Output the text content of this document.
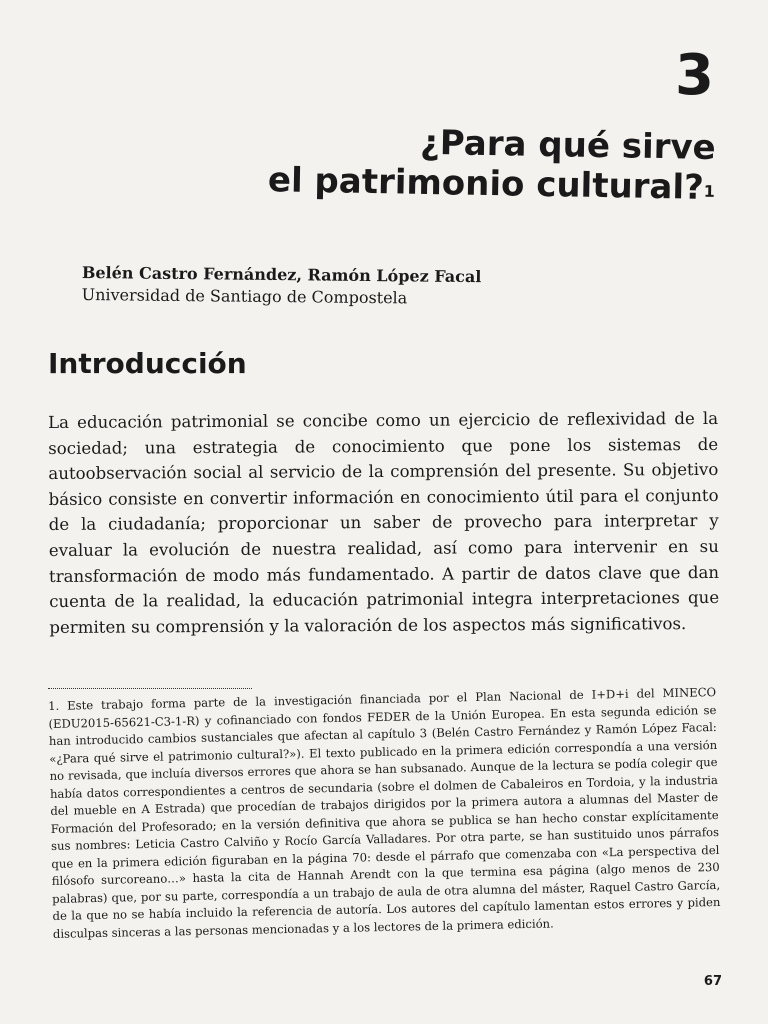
3
¿Para qué sirve
el patrimonio cultural?$^1$
Belén Castro Fernández, Ramón López Facal
Universidad de Santiago de Compostela
Introducción
La educación patrimonial se concibe como un ejercicio de reflexividad de la sociedad; una estrategia de conocimiento que pone los sistemas de autoobservación social al servicio de la comprensión del presente. Su objetivo básico consiste en convertir información en conocimiento útil para el conjunto de la ciudadanía; proporcionar un saber de provecho para interpretar y evaluar la evolución de nuestra realidad, así como para intervenir en su transformación de modo más fundamentado. A partir de datos clave que dan cuenta de la realidad, la educación patrimonial integra interpretaciones que permiten su comprensión y la valoración de los aspectos más significativos.
1. Este trabajo forma parte de la investigación financiada por el Plan Nacional de I+D+i del MINECO (EDU2015-65621-C3-1-R) y cofinanciado con fondos FEDER de la Unión Europea. En esta segunda edición se han introducido cambios sustanciales que afectan al capítulo 3 (Belén Castro Fernández y Ramón López Facal: «¿Para qué sirve el patrimonio cultural?»). El texto publicado en la primera edición correspondía a una versión no revisada, que incluía diversos errores que ahora se han subsanado. Aunque de la lectura se podía colegir que había datos correspondientes a centros de secundaria (sobre el dolmen de Cabaleiros en Tordoia, y la industria del mueble en A Estrada) que procedían de trabajos dirigidos por la primera autora a alumnas del Master de Formación del Profesorado; en la versión definitiva que ahora se publica se han hecho constar explícitamente sus nombres: Leticia Castro Calviño y Rocío García Valladares. Por otra parte, se han sustituido unos párrafos que en la primera edición figuraban en la página 70: desde el párrafo que comenzaba con «La perspectiva del filósofo surcoreano…» hasta la cita de Hannah Arendt con la que termina esa página (algo menos de 230 palabras) que, por su parte, correspondía a un trabajo de aula de otra alumna del máster, Raquel Castro García, de la que no se había incluido la referencia de autoría. Los autores del capítulo lamentan estos errores y piden disculpas sinceras a las personas mencionadas y a los lectores de la primera edición.
67
